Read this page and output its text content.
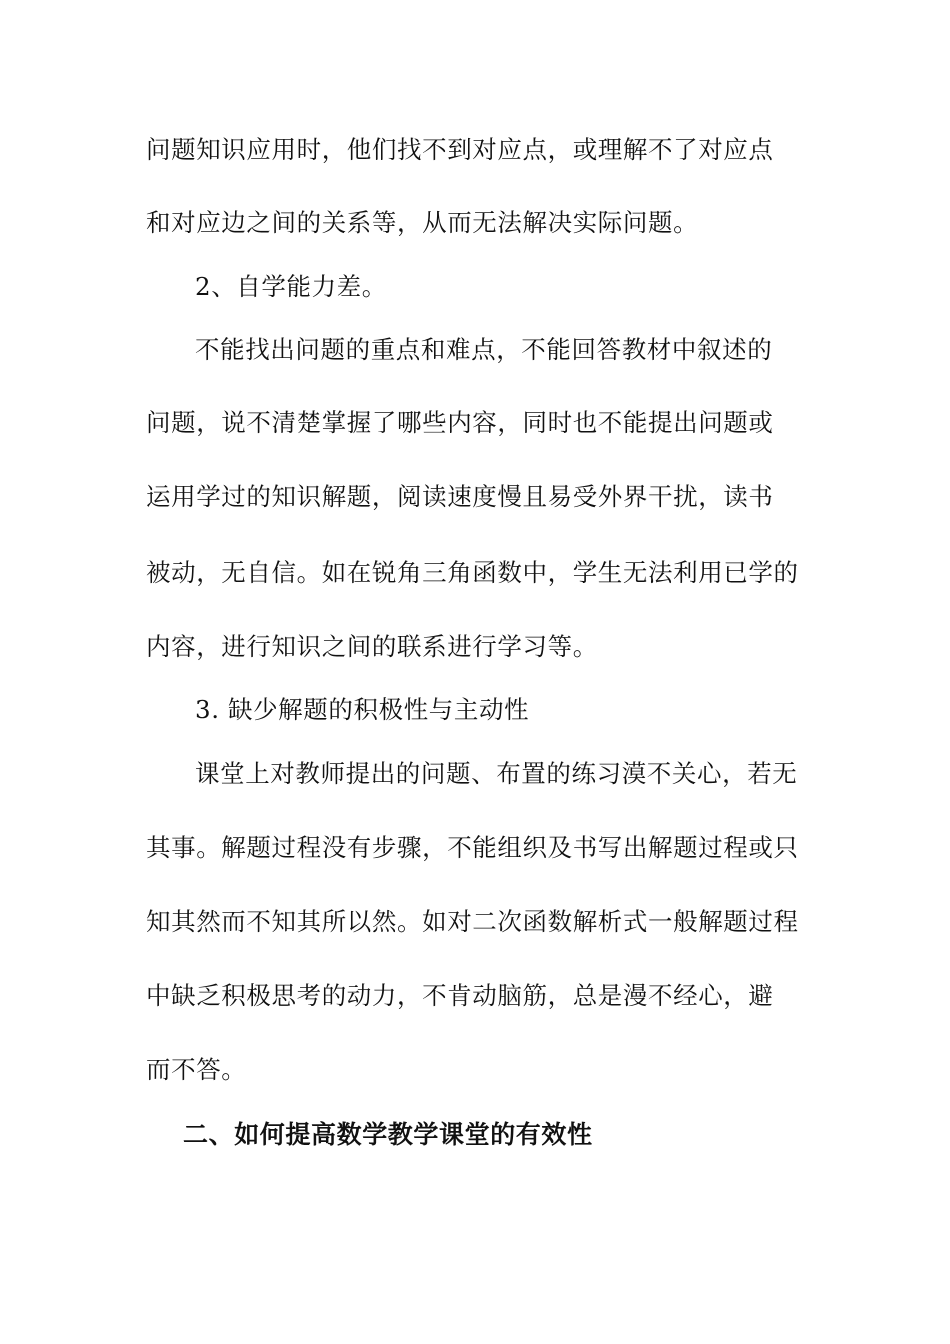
问题知识应用时，他们找不到对应点，或理解不了对应点
和对应边之间的关系等，从而无法解决实际问题。
2、自学能力差。
不能找出问题的重点和难点，不能回答教材中叙述的
问题，说不清楚掌握了哪些内容，同时也不能提出问题或
运用学过的知识解题，阅读速度慢且易受外界干扰，读书
被动，无自信。如在锐角三角函数中，学生无法利用已学的
内容，进行知识之间的联系进行学习等。
3. 缺少解题的积极性与主动性
课堂上对教师提出的问题、布置的练习漠不关心，若无
其事。解题过程没有步骤，不能组织及书写出解题过程或只
知其然而不知其所以然。如对二次函数解析式一般解题过程
中缺乏积极思考的动力，不肯动脑筋，总是漫不经心，避
而不答。
二、如何提高数学教学课堂的有效性
